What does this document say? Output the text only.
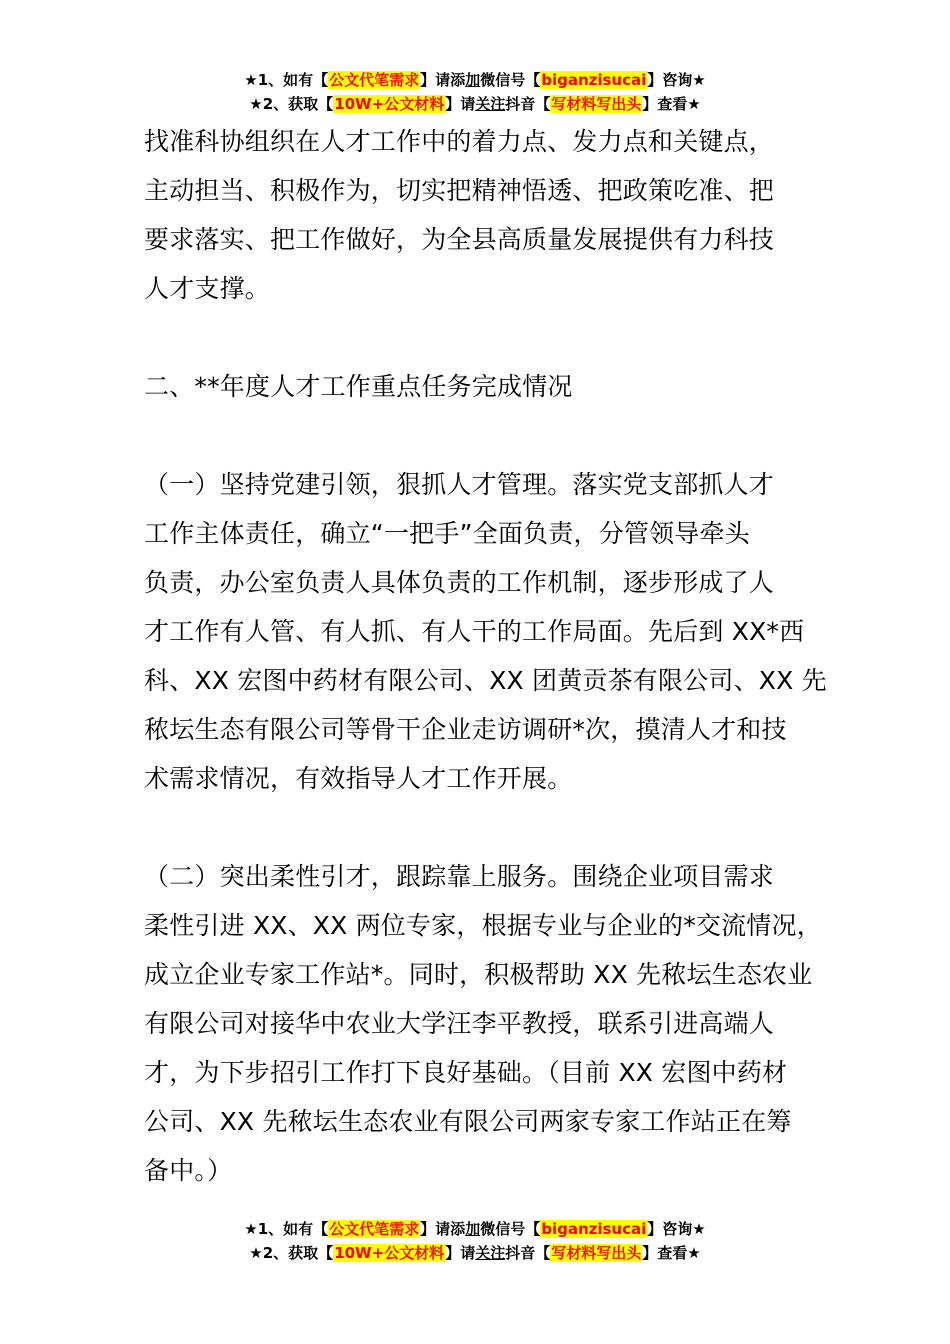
★1、如有【公文代笔需求】请添加微信号【biganzisucai】咨询★
★2、获取【10W+公文材料】请关注抖音【写材料写出头】查看★

找准科协组织在人才工作中的着力点、发力点和关键点，
主动担当、积极作为，切实把精神悟透、把政策吃准、把
要求落实、把工作做好，为全县高质量发展提供有力科技
人才支撑。

二、**年度人才工作重点任务完成情况

（一）坚持党建引领，狠抓人才管理。落实党支部抓人才
工作主体责任，确立“一把手”全面负责，分管领导牵头
负责，办公室负责人具体负责的工作机制，逐步形成了人
才工作有人管、有人抓、有人干的工作局面。先后到 XX*西
科、XX 宏图中药材有限公司、XX 团黄贡茶有限公司、XX 先
秾坛生态有限公司等骨干企业走访调研*次，摸清人才和技
术需求情况，有效指导人才工作开展。

（二）突出柔性引才，跟踪靠上服务。围绕企业项目需求
柔性引进 XX、XX 两位专家，根据专业与企业的*交流情况，
成立企业专家工作站*。同时，积极帮助 XX 先秾坛生态农业
有限公司对接华中农业大学汪李平教授，联系引进高端人
才，为下步招引工作打下良好基础。（目前 XX 宏图中药材
公司、XX 先秾坛生态农业有限公司两家专家工作站正在筹
备中。）

★1、如有【公文代笔需求】请添加微信号【biganzisucai】咨询★
★2、获取【10W+公文材料】请关注抖音【写材料写出头】查看★
